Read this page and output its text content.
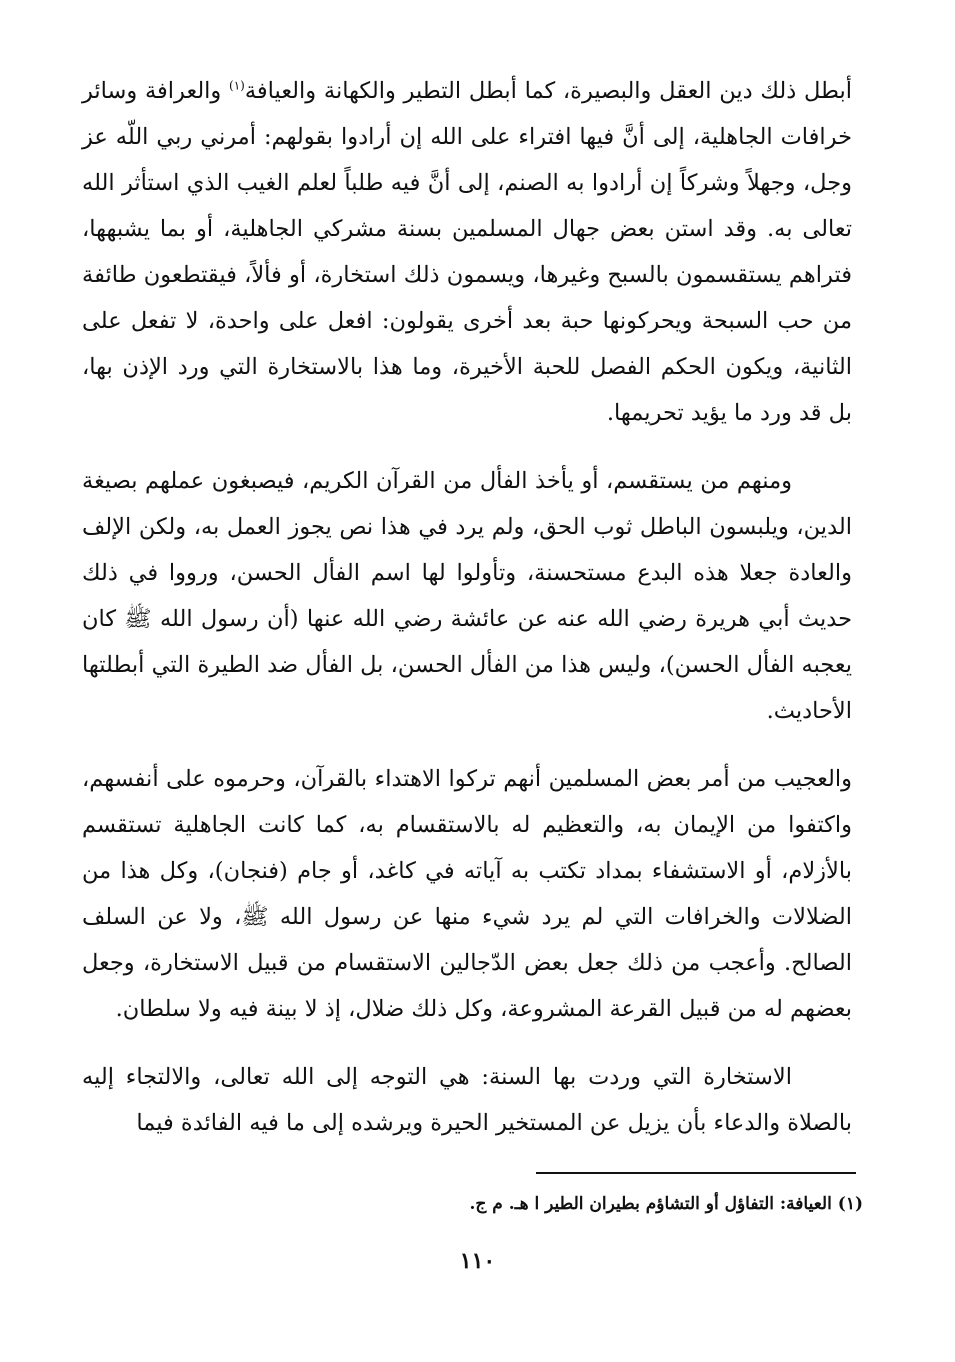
أبطل ذلك دين العقل والبصيرة، كما أبطل التطير والكهانة والعيافة$^{(١)}$ والعرافة وسائر خرافات الجاهلية، إلى أنَّ فيها افتراء على الله إن أرادوا بقولهم: أمرني ربي اللّه عز وجل، وجهلاً وشركاً إن أرادوا به الصنم، إلى أنَّ فيه طلباً لعلم الغيب الذي استأثر الله تعالى به. وقد استن بعض جهال المسلمين بسنة مشركي الجاهلية، أو بما يشبهها، فتراهم يستقسمون بالسبح وغيرها، ويسمون ذلك استخارة، أو فألاً، فيقتطعون طائفة من حب السبحة ويحركونها حبة بعد أخرى يقولون: افعل على واحدة، لا تفعل على الثانية، ويكون الحكم الفصل للحبة الأخيرة، وما هذا بالاستخارة التي ورد الإذن بها، بل قد ورد ما يؤيد تحريمها.

ومنهم من يستقسم، أو يأخذ الفأل من القرآن الكريم، فيصبغون عملهم بصيغة الدين، ويلبسون الباطل ثوب الحق، ولم يرد في هذا نص يجوز العمل به، ولكن الإلف والعادة جعلا هذه البدع مستحسنة، وتأولوا لها اسم الفأل الحسن، ورووا في ذلك حديث أبي هريرة رضي الله عنه عن عائشة رضي الله عنها (أن رسول الله ﷺ كان يعجبه الفأل الحسن)، وليس هذا من الفأل الحسن، بل الفأل ضد الطيرة التي أبطلتها الأحاديث.

والعجيب من أمر بعض المسلمين أنهم تركوا الاهتداء بالقرآن، وحرموه على أنفسهم، واكتفوا من الإيمان به، والتعظيم له بالاستقسام به، كما كانت الجاهلية تستقسم بالأزلام، أو الاستشفاء بمداد تكتب به آياته في كاغد، أو جام (فنجان)، وكل هذا من الضلالات والخرافات التي لم يرد شيء منها عن رسول الله ﷺ، ولا عن السلف الصالح. وأعجب من ذلك جعل بعض الدّجالين الاستقسام من قبيل الاستخارة، وجعل بعضهم له من قبيل القرعة المشروعة، وكل ذلك ضلال، إذ لا بينة فيه ولا سلطان.

الاستخارة التي وردت بها السنة: هي التوجه إلى الله تعالى، والالتجاء إليه بالصلاة والدعاء بأن يزيل عن المستخير الحيرة ويرشده إلى ما فيه الفائدة فيما

(١) العيافة: التفاؤل أو التشاؤم بطيران الطير ا هـ. م ج.
١١٠
